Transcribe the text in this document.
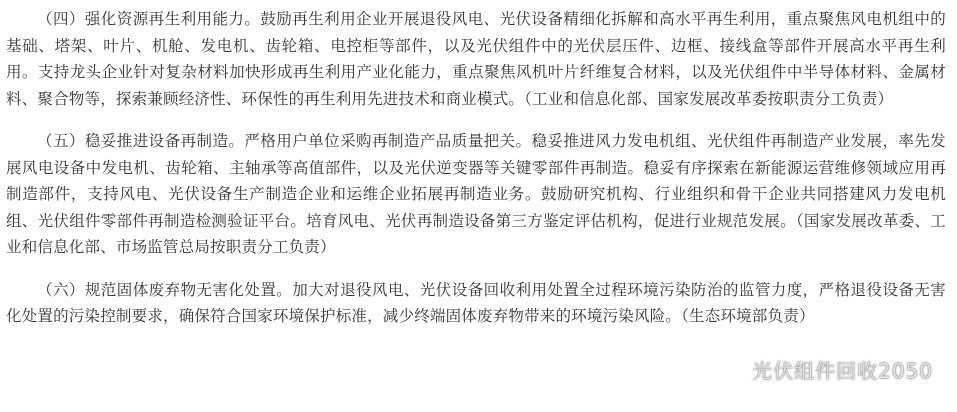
（四）强化资源再生利用能力。鼓励再生利用企业开展退役风电、光伏设备精细化拆解和高水平再生利用，重点聚焦风电机组中的基础、塔架、叶片、机舱、发电机、齿轮箱、电控柜等部件，以及光伏组件中的光伏层压件、边框、接线盒等部件开展高水平再生利用。支持龙头企业针对复杂材料加快形成再生利用产业化能力，重点聚焦风机叶片纤维复合材料，以及光伏组件中半导体材料、金属材料、聚合物等，探索兼顾经济性、环保性的再生利用先进技术和商业模式。（工业和信息化部、国家发展改革委按职责分工负责）

（五）稳妥推进设备再制造。严格用户单位采购再制造产品质量把关。稳妥推进风力发电机组、光伏组件再制造产业发展，率先发展风电设备中发电机、齿轮箱、主轴承等高值部件，以及光伏逆变器等关键零部件再制造。稳妥有序探索在新能源运营维修领域应用再制造部件，支持风电、光伏设备生产制造企业和运维企业拓展再制造业务。鼓励研究机构、行业组织和骨干企业共同搭建风力发电机组、光伏组件零部件再制造检测验证平台。培育风电、光伏再制造设备第三方鉴定评估机构，促进行业规范发展。（国家发展改革委、工业和信息化部、市场监管总局按职责分工负责）

（六）规范固体废弃物无害化处置。加大对退役风电、光伏设备回收利用处置全过程环境污染防治的监管力度，严格退役设备无害化处置的污染控制要求，确保符合国家环境保护标准，减少终端固体废弃物带来的环境污染风险。（生态环境部负责）

光伏组件回收2050
